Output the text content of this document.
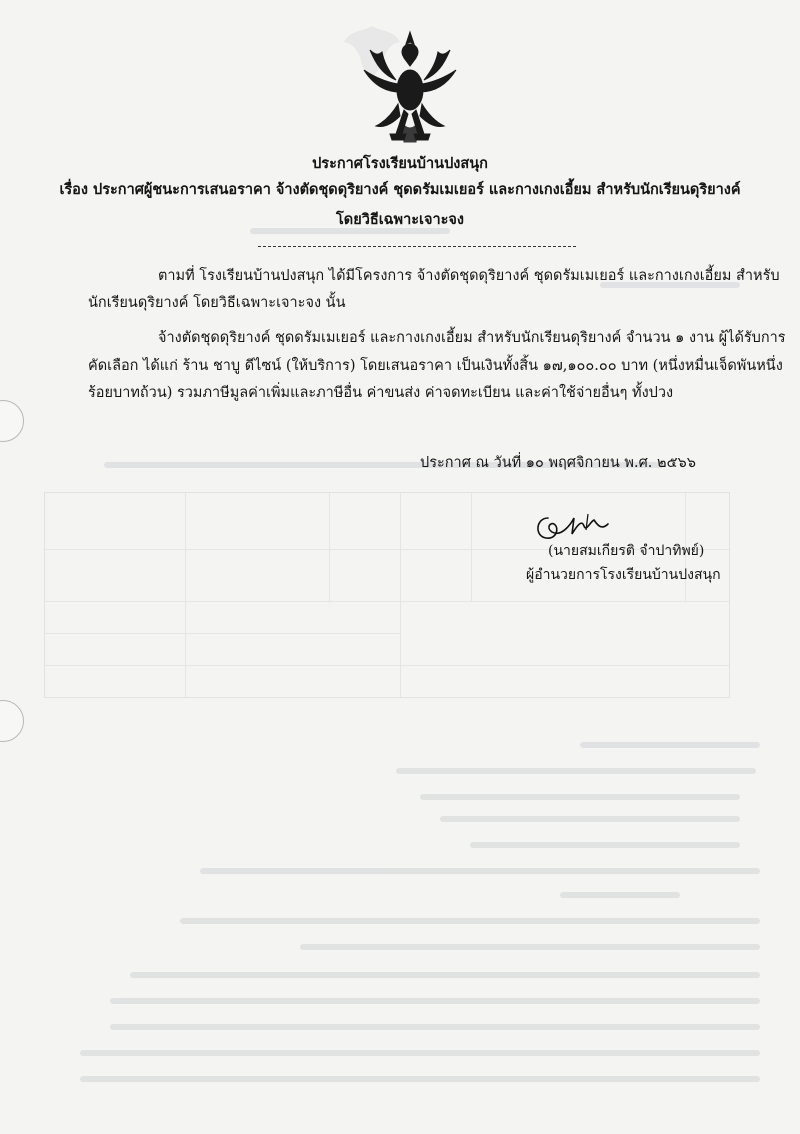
ประกาศโรงเรียนบ้านปงสนุก
เรื่อง ประกาศผู้ชนะการเสนอราคา จ้างตัดชุดดุริยางค์ ชุดดรัมเมเยอร์ และกางเกงเอี้ยม สำหรับนักเรียนดุริยางค์
โดยวิธีเฉพาะเจาะจง
ตามที่ โรงเรียนบ้านปงสนุก ได้มีโครงการ จ้างตัดชุดดุริยางค์ ชุดดรัมเมเยอร์ และกางเกงเอี้ยม สำหรับ
นักเรียนดุริยางค์ โดยวิธีเฉพาะเจาะจง นั้น
จ้างตัดชุดดุริยางค์ ชุดดรัมเมเยอร์ และกางเกงเอี้ยม สำหรับนักเรียนดุริยางค์ จำนวน ๑ งาน ผู้ได้รับการ
คัดเลือก ได้แก่ ร้าน ชาบู ดีไซน์ (ให้บริการ) โดยเสนอราคา เป็นเงินทั้งสิ้น ๑๗,๑๐๐.๐๐ บาท (หนึ่งหมื่นเจ็ดพันหนึ่ง
ร้อยบาทถ้วน) รวมภาษีมูลค่าเพิ่มและภาษีอื่น ค่าขนส่ง ค่าจดทะเบียน และค่าใช้จ่ายอื่นๆ ทั้งปวง
ประกาศ ณ วันที่ ๑๐ พฤศจิกายน พ.ศ. ๒๕๖๖
(นายสมเกียรติ จำปาทิพย์)
ผู้อำนวยการโรงเรียนบ้านปงสนุก
